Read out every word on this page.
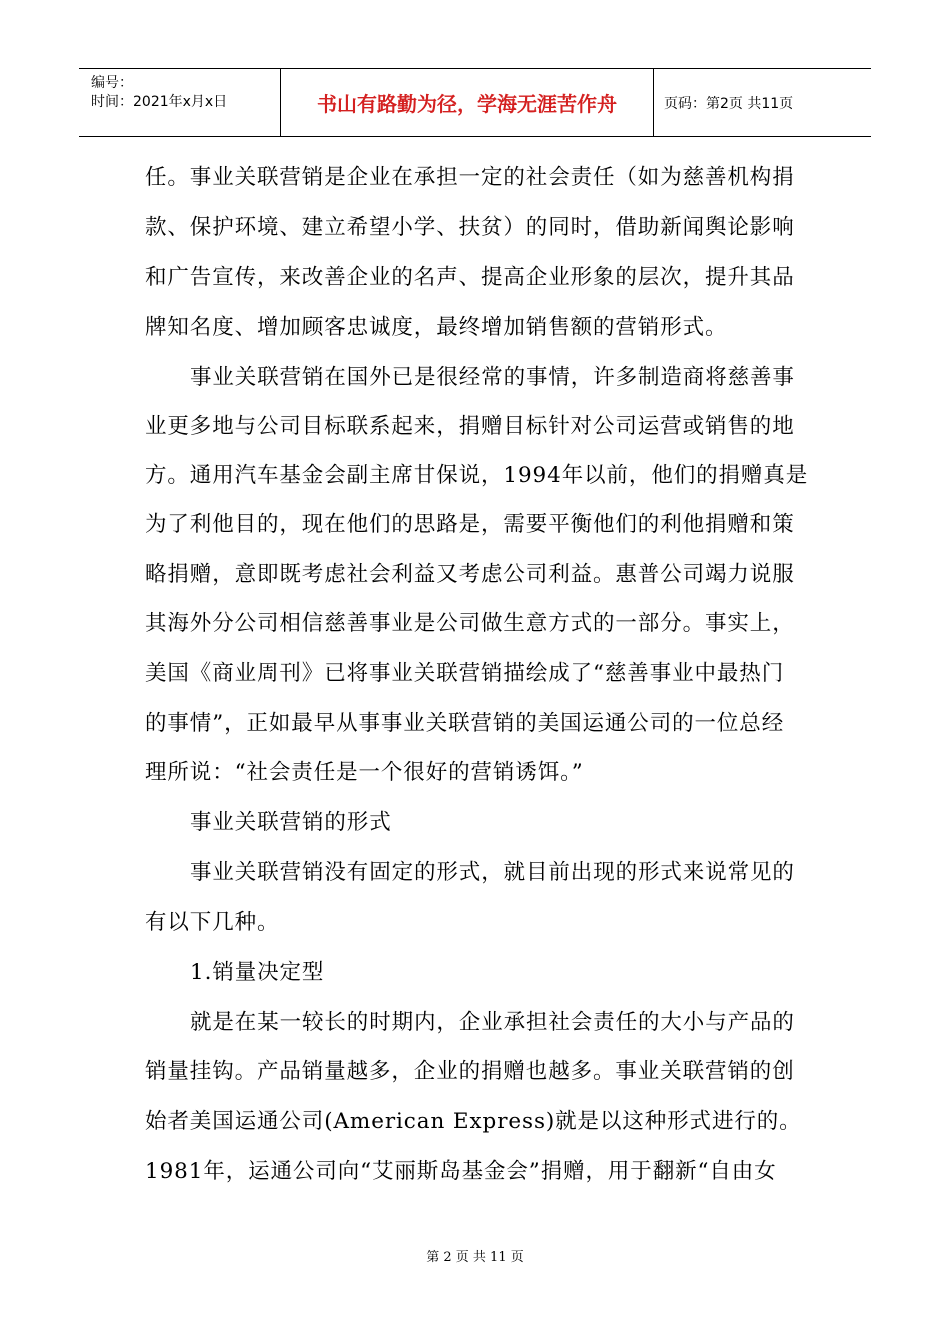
编号：
时间：2021年x月x日	书山有路勤为径，学海无涯苦作舟	页码：第2页 共11页
任。事业关联营销是企业在承担一定的社会责任（如为慈善机构捐
款、保护环境、建立希望小学、扶贫）的同时，借助新闻舆论影响
和广告宣传，来改善企业的名声、提高企业形象的层次，提升其品
牌知名度、增加顾客忠诚度，最终增加销售额的营销形式。
事业关联营销在国外已是很经常的事情，许多制造商将慈善事
业更多地与公司目标联系起来，捐赠目标针对公司运营或销售的地
方。通用汽车基金会副主席甘保说，1994年以前，他们的捐赠真是
为了利他目的，现在他们的思路是，需要平衡他们的利他捐赠和策
略捐赠，意即既考虑社会利益又考虑公司利益。惠普公司竭力说服
其海外分公司相信慈善事业是公司做生意方式的一部分。事实上，
美国《商业周刊》已将事业关联营销描绘成了“慈善事业中最热门
的事情”，正如最早从事事业关联营销的美国运通公司的一位总经
理所说：“社会责任是一个很好的营销诱饵。”
事业关联营销的形式
事业关联营销没有固定的形式，就目前出现的形式来说常见的
有以下几种。
1.销量决定型
就是在某一较长的时期内，企业承担社会责任的大小与产品的
销量挂钩。产品销量越多，企业的捐赠也越多。事业关联营销的创
始者美国运通公司(American Express)就是以这种形式进行的。
1981年，运通公司向“艾丽斯岛基金会”捐赠，用于翻新“自由女
第 2 页 共 11 页
